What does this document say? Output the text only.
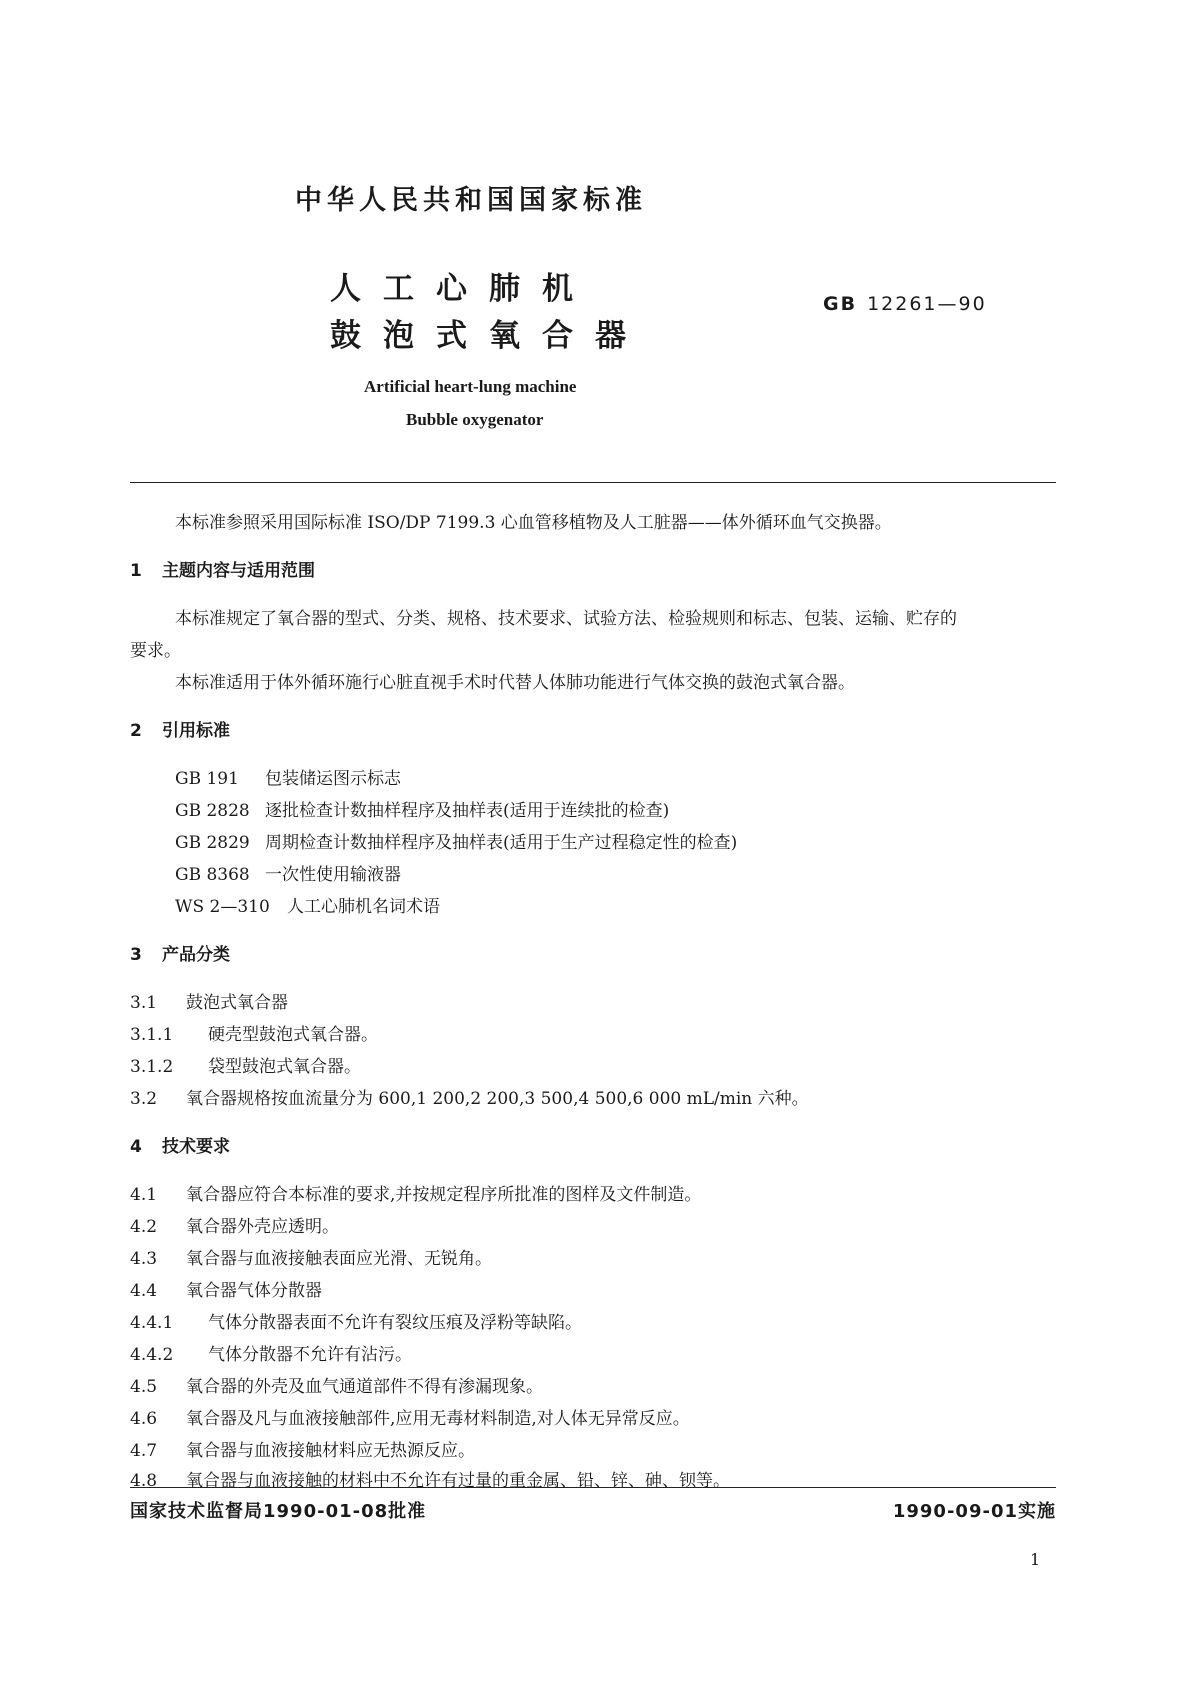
中华人民共和国国家标准
人工心肺机
鼓泡式氧合器
GB 12261—90
Artificial heart-lung machine
Bubble oxygenator
本标准参照采用国际标准 ISO/DP 7199.3 心血管移植物及人工脏器——体外循环血气交换器。
1 主题内容与适用范围
本标准规定了氧合器的型式、分类、规格、技术要求、试验方法、检验规则和标志、包装、运输、贮存的
要求。
本标准适用于体外循环施行心脏直视手术时代替人体肺功能进行气体交换的鼓泡式氧合器。
2 引用标准
GB 191 包装储运图示标志
GB 2828 逐批检查计数抽样程序及抽样表(适用于连续批的检查)
GB 2829 周期检查计数抽样程序及抽样表(适用于生产过程稳定性的检查)
GB 8368 一次性使用输液器
WS 2—310 人工心肺机名词术语
3 产品分类
3.1 鼓泡式氧合器
3.1.1 硬壳型鼓泡式氧合器。
3.1.2 袋型鼓泡式氧合器。
3.2 氧合器规格按血流量分为 600,1 200,2 200,3 500,4 500,6 000 mL/min 六种。
4 技术要求
4.1 氧合器应符合本标准的要求,并按规定程序所批准的图样及文件制造。
4.2 氧合器外壳应透明。
4.3 氧合器与血液接触表面应光滑、无锐角。
4.4 氧合器气体分散器
4.4.1 气体分散器表面不允许有裂纹压痕及浮粉等缺陷。
4.4.2 气体分散器不允许有沾污。
4.5 氧合器的外壳及血气通道部件不得有渗漏现象。
4.6 氧合器及凡与血液接触部件,应用无毒材料制造,对人体无异常反应。
4.7 氧合器与血液接触材料应无热源反应。
4.8 氧合器与血液接触的材料中不允许有过量的重金属、铅、锌、砷、钡等。
国家技术监督局1990-01-08批准	1990-09-01实施
1
